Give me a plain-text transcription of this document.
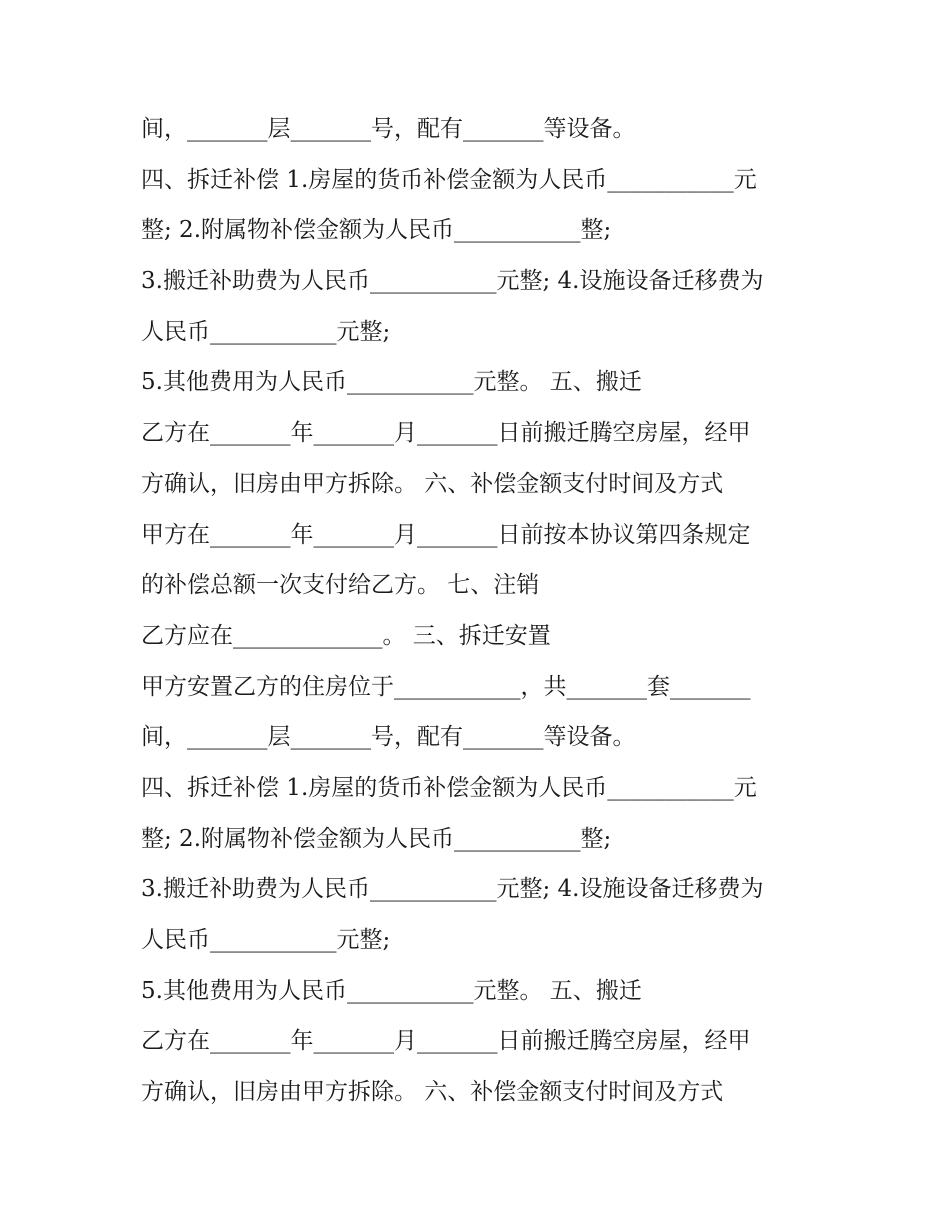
间，_______层_______号，配有_______等设备。
四、拆迁补偿 1.房屋的货币补偿金额为人民币___________元
整; 2.附属物补偿金额为人民币___________整;
3.搬迁补助费为人民币___________元整; 4.设施设备迁移费为
人民币___________元整;
5.其他费用为人民币___________元整。 五、搬迁
乙方在_______年_______月_______日前搬迁腾空房屋，经甲
方确认，旧房由甲方拆除。 六、补偿金额支付时间及方式
甲方在_______年_______月_______日前按本协议第四条规定
的补偿总额一次支付给乙方。 七、注销
乙方应在_____________。 三、拆迁安置
甲方安置乙方的住房位于___________，共_______套_______
间，_______层_______号，配有_______等设备。
四、拆迁补偿 1.房屋的货币补偿金额为人民币___________元
整; 2.附属物补偿金额为人民币___________整;
3.搬迁补助费为人民币___________元整; 4.设施设备迁移费为
人民币___________元整;
5.其他费用为人民币___________元整。 五、搬迁
乙方在_______年_______月_______日前搬迁腾空房屋，经甲
方确认，旧房由甲方拆除。 六、补偿金额支付时间及方式
